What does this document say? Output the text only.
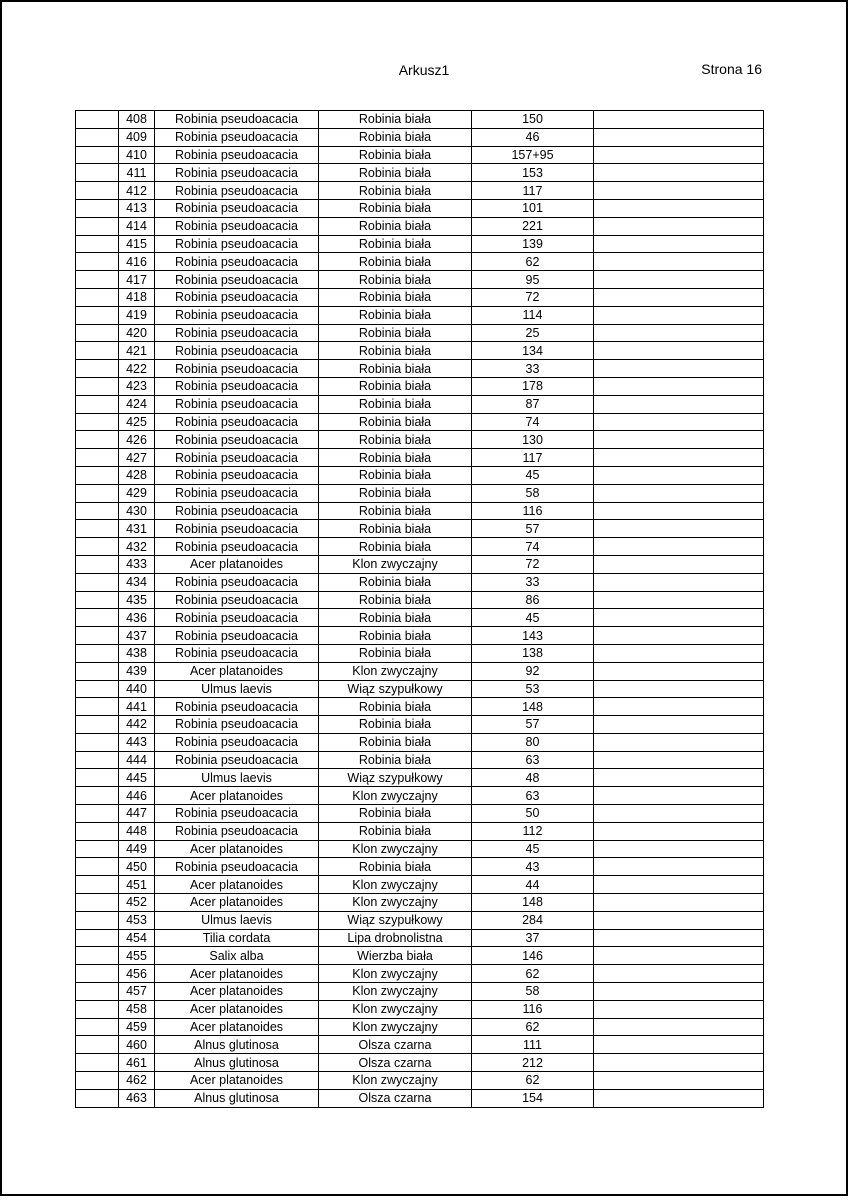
Arkusz1	Strona 16
	408	Robinia pseudoacacia	Robinia biała	150	
	409	Robinia pseudoacacia	Robinia biała	46	
	410	Robinia pseudoacacia	Robinia biała	157+95	
	411	Robinia pseudoacacia	Robinia biała	153	
	412	Robinia pseudoacacia	Robinia biała	117	
	413	Robinia pseudoacacia	Robinia biała	101	
	414	Robinia pseudoacacia	Robinia biała	221	
	415	Robinia pseudoacacia	Robinia biała	139	
	416	Robinia pseudoacacia	Robinia biała	62	
	417	Robinia pseudoacacia	Robinia biała	95	
	418	Robinia pseudoacacia	Robinia biała	72	
	419	Robinia pseudoacacia	Robinia biała	114	
	420	Robinia pseudoacacia	Robinia biała	25	
	421	Robinia pseudoacacia	Robinia biała	134	
	422	Robinia pseudoacacia	Robinia biała	33	
	423	Robinia pseudoacacia	Robinia biała	178	
	424	Robinia pseudoacacia	Robinia biała	87	
	425	Robinia pseudoacacia	Robinia biała	74	
	426	Robinia pseudoacacia	Robinia biała	130	
	427	Robinia pseudoacacia	Robinia biała	117	
	428	Robinia pseudoacacia	Robinia biała	45	
	429	Robinia pseudoacacia	Robinia biała	58	
	430	Robinia pseudoacacia	Robinia biała	116	
	431	Robinia pseudoacacia	Robinia biała	57	
	432	Robinia pseudoacacia	Robinia biała	74	
	433	Acer platanoides	Klon zwyczajny	72	
	434	Robinia pseudoacacia	Robinia biała	33	
	435	Robinia pseudoacacia	Robinia biała	86	
	436	Robinia pseudoacacia	Robinia biała	45	
	437	Robinia pseudoacacia	Robinia biała	143	
	438	Robinia pseudoacacia	Robinia biała	138	
	439	Acer platanoides	Klon zwyczajny	92	
	440	Ulmus laevis	Wiąz szypułkowy	53	
	441	Robinia pseudoacacia	Robinia biała	148	
	442	Robinia pseudoacacia	Robinia biała	57	
	443	Robinia pseudoacacia	Robinia biała	80	
	444	Robinia pseudoacacia	Robinia biała	63	
	445	Ulmus laevis	Wiąz szypułkowy	48	
	446	Acer platanoides	Klon zwyczajny	63	
	447	Robinia pseudoacacia	Robinia biała	50	
	448	Robinia pseudoacacia	Robinia biała	112	
	449	Acer platanoides	Klon zwyczajny	45	
	450	Robinia pseudoacacia	Robinia biała	43	
	451	Acer platanoides	Klon zwyczajny	44	
	452	Acer platanoides	Klon zwyczajny	148	
	453	Ulmus laevis	Wiąz szypułkowy	284	
	454	Tilia cordata	Lipa drobnolistna	37	
	455	Salix alba	Wierzba biała	146	
	456	Acer platanoides	Klon zwyczajny	62	
	457	Acer platanoides	Klon zwyczajny	58	
	458	Acer platanoides	Klon zwyczajny	116	
	459	Acer platanoides	Klon zwyczajny	62	
	460	Alnus glutinosa	Olsza czarna	111	
	461	Alnus glutinosa	Olsza czarna	212	
	462	Acer platanoides	Klon zwyczajny	62	
	463	Alnus glutinosa	Olsza czarna	154	
